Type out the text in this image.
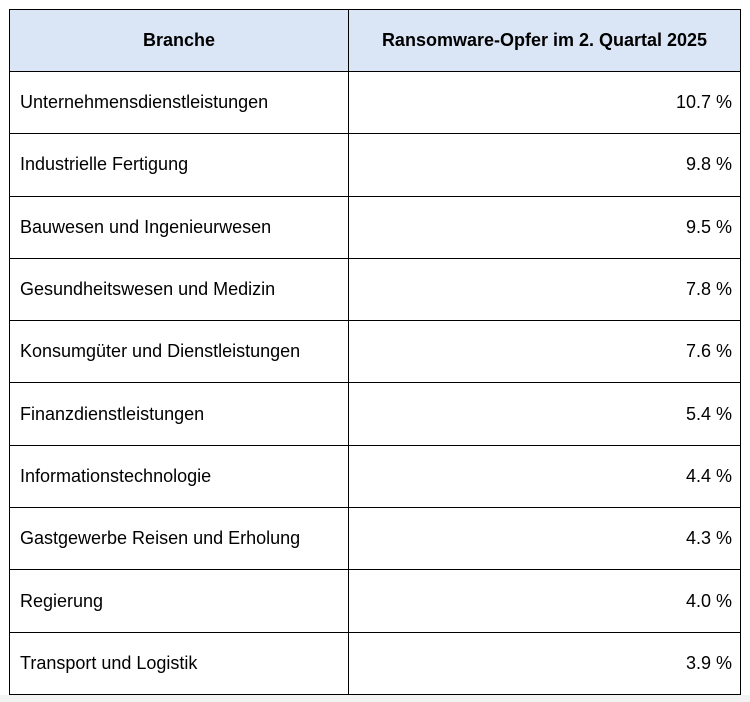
Branche	Ransomware-Opfer im 2. Quartal 2025
Unternehmensdienstleistungen	10.7 %
Industrielle Fertigung	9.8 %
Bauwesen und Ingenieurwesen	9.5 %
Gesundheitswesen und Medizin	7.8 %
Konsumgüter und Dienstleistungen	7.6 %
Finanzdienstleistungen	5.4 %
Informationstechnologie	4.4 %
Gastgewerbe Reisen und Erholung	4.3 %
Regierung	4.0 %
Transport und Logistik	3.9 %
